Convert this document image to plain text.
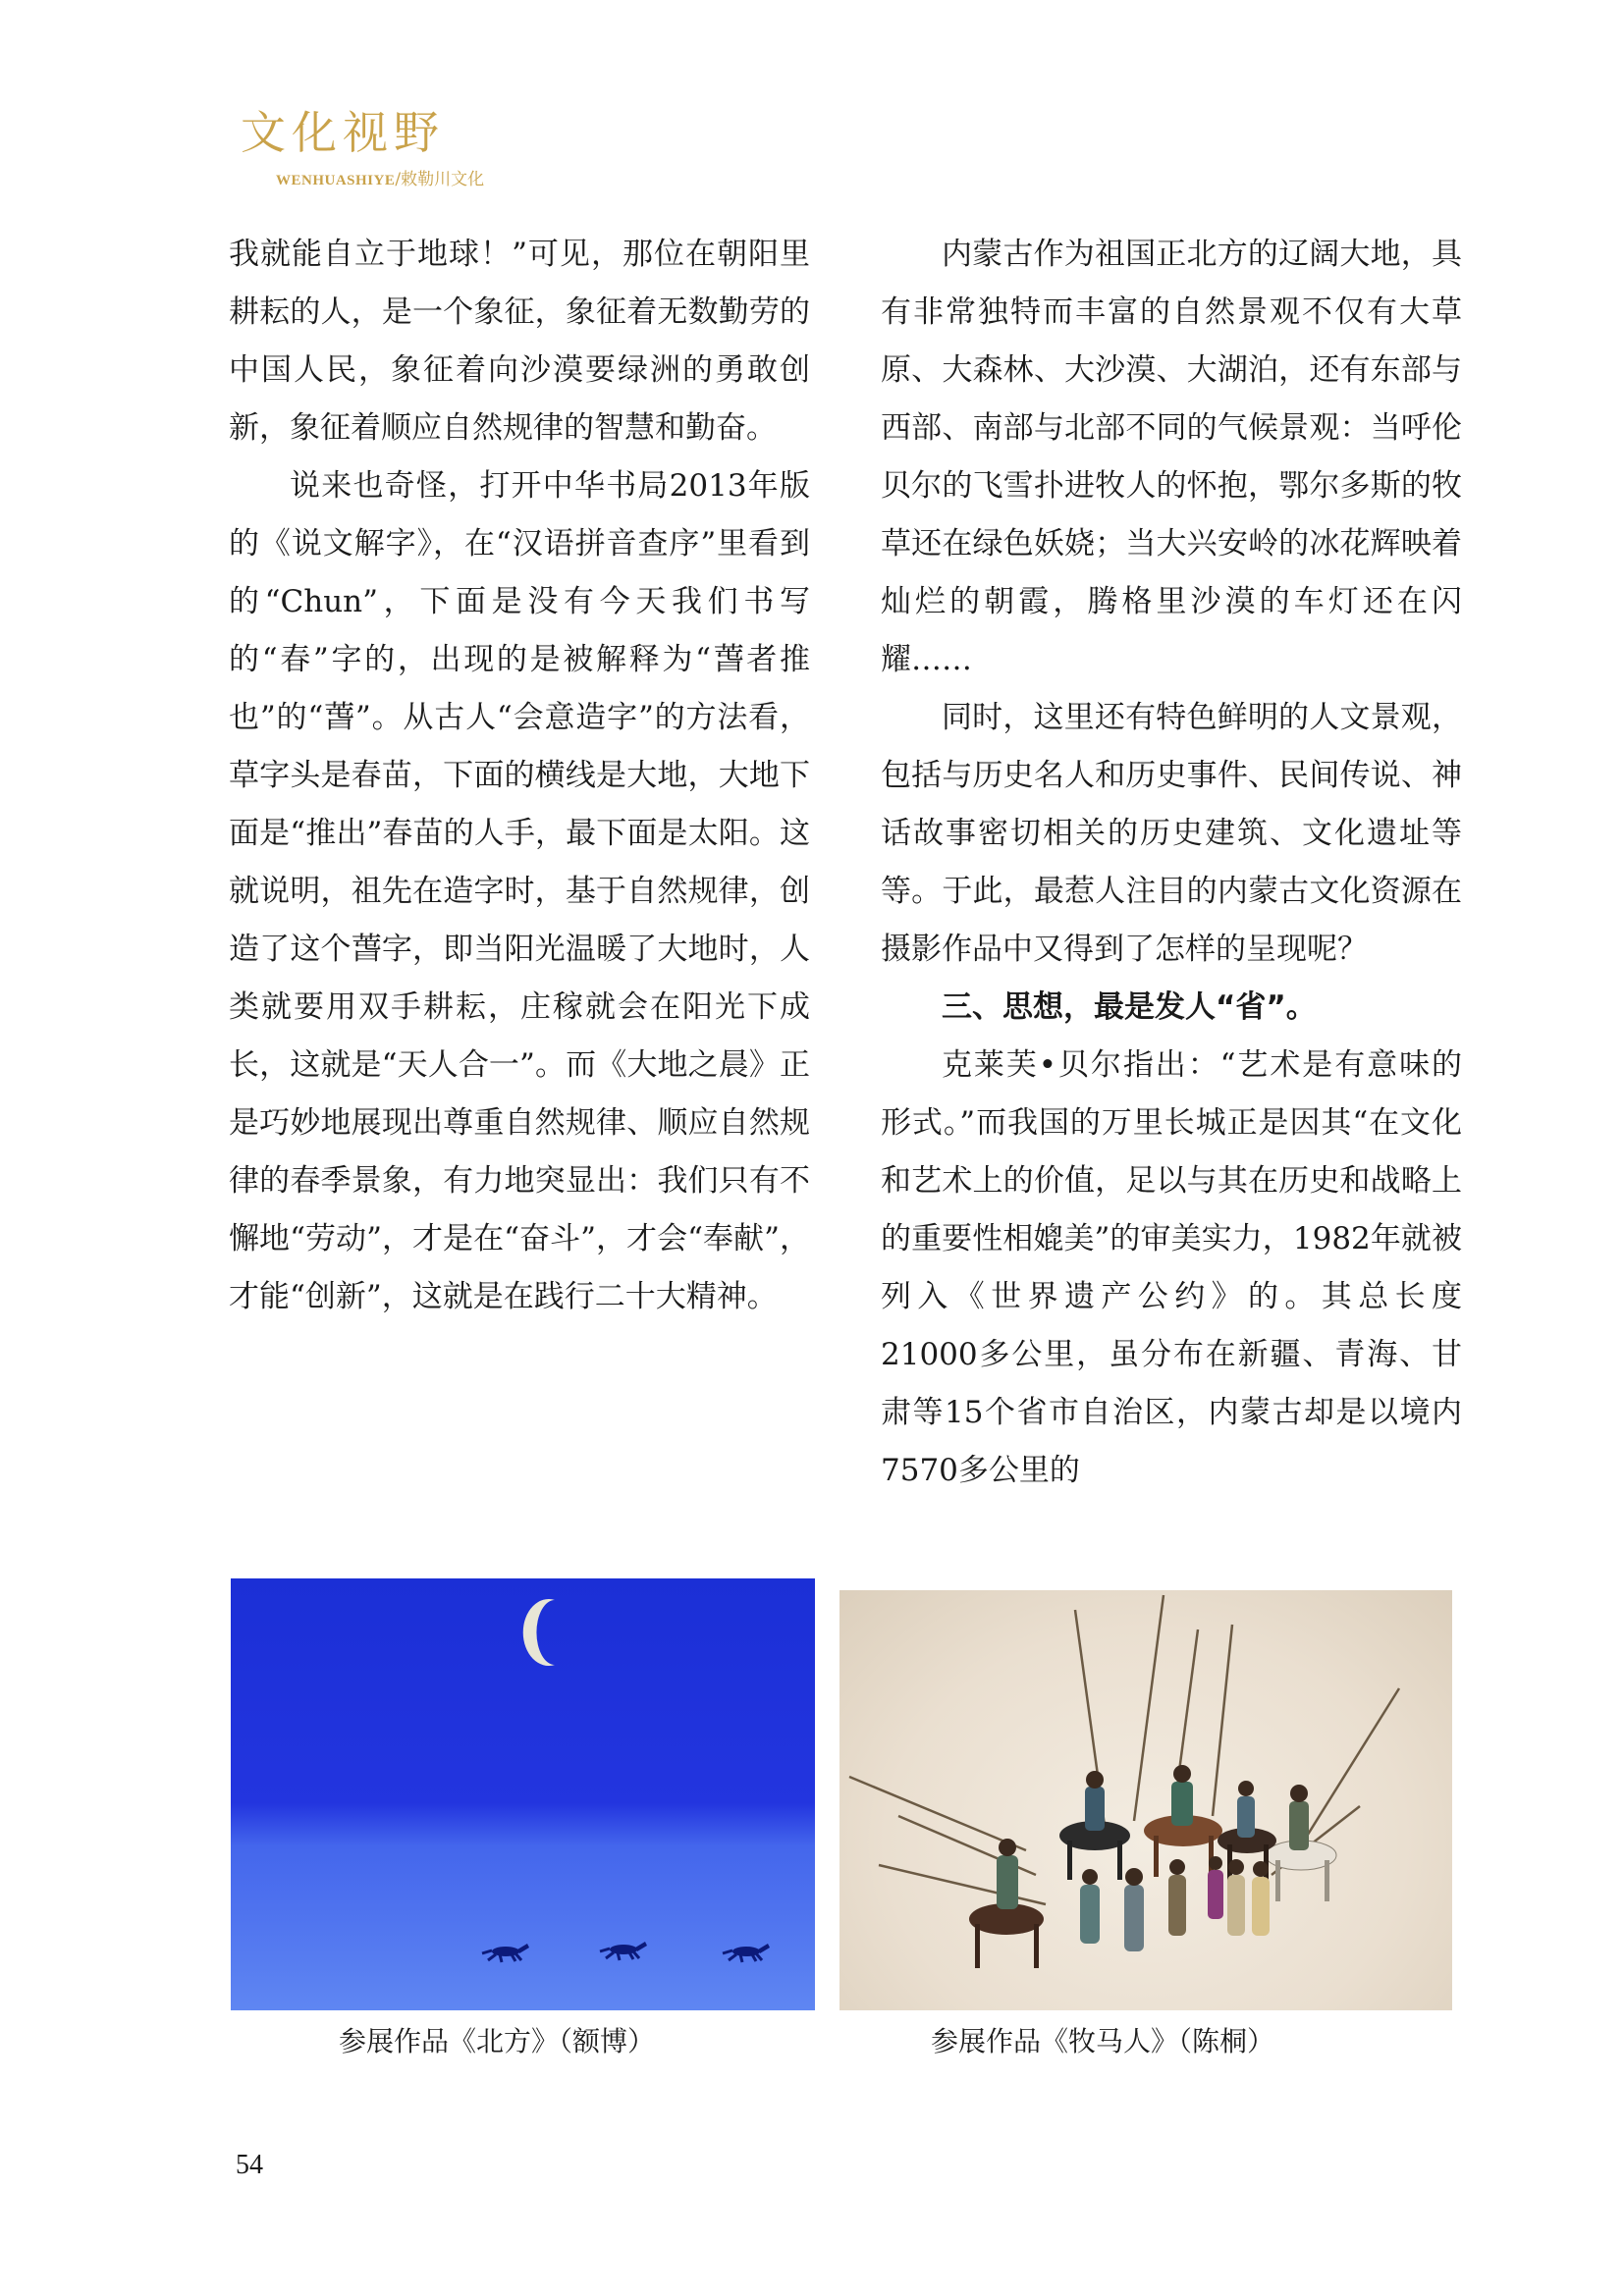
文化视野
WENHUASHIYE/敕勒川文化

我就能自立于地球！”可见，那位在朝阳里耕耘的人，是一个象征，象征着无数勤劳的中国人民，象征着向沙漠要绿洲的勇敢创新，象征着顺应自然规律的智慧和勤奋。

说来也奇怪，打开中华书局2013年版的《说文解字》，在“汉语拼音查序”里看到的“Chun”，下面是没有今天我们书写的“春”字的，出现的是被解释为“萅者推也”的“萅”。从古人“会意造字”的方法看，草字头是春苗，下面的横线是大地，大地下面是“推出”春苗的人手，最下面是太阳。这就说明，祖先在造字时，基于自然规律，创造了这个萅字，即当阳光温暖了大地时，人类就要用双手耕耘，庄稼就会在阳光下成长，这就是“天人合一”。而《大地之晨》正是巧妙地展现出尊重自然规律、顺应自然规律的春季景象，有力地突显出：我们只有不懈地“劳动”，才是在“奋斗”，才会“奉献”，才能“创新”，这就是在践行二十大精神。

内蒙古作为祖国正北方的辽阔大地，具有非常独特而丰富的自然景观不仅有大草原、大森林、大沙漠、大湖泊，还有东部与西部、南部与北部不同的气候景观：当呼伦贝尔的飞雪扑进牧人的怀抱，鄂尔多斯的牧草还在绿色妖娆；当大兴安岭的冰花辉映着灿烂的朝霞，腾格里沙漠的车灯还在闪耀……

同时，这里还有特色鲜明的人文景观，包括与历史名人和历史事件、民间传说、神话故事密切相关的历史建筑、文化遗址等等。于此，最惹人注目的内蒙古文化资源在摄影作品中又得到了怎样的呈现呢？

三、思想，最是发人“省”。

克莱芙•贝尔指出：“艺术是有意味的形式。”而我国的万里长城正是因其“在文化和艺术上的价值，足以与其在历史和战略上的重要性相媲美”的审美实力，1982年就被列入《世界遗产公约》的。其总长度21000多公里，虽分布在新疆、青海、甘肃等15个省市自治区，内蒙古却是以境内7570多公里的

参展作品《北方》（额博）	参展作品《牧马人》（陈桐）
54
